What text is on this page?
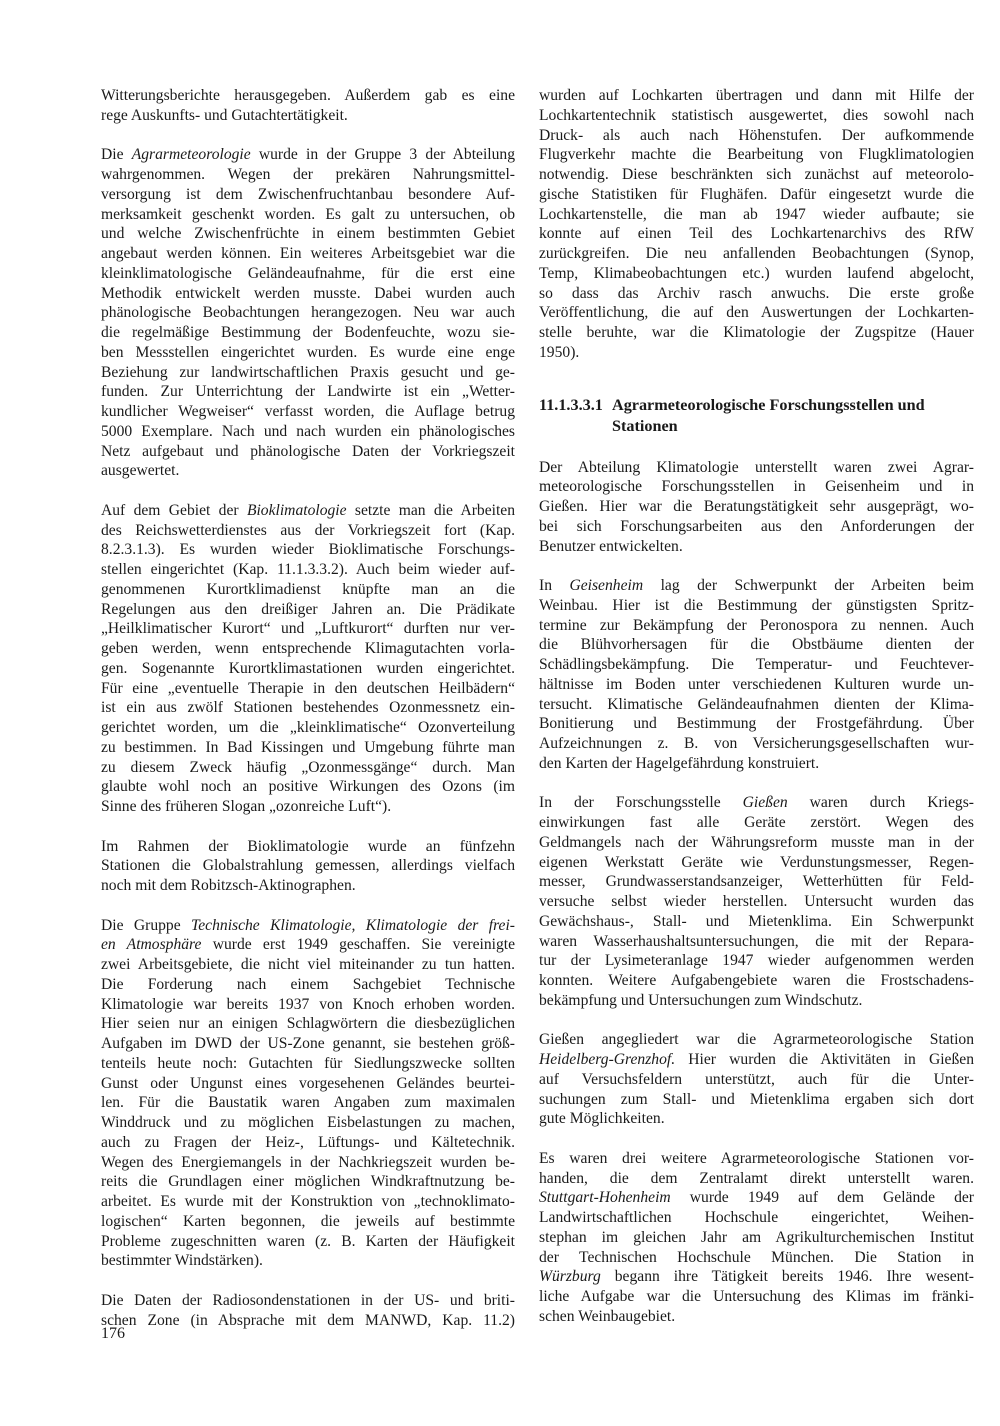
Witterungsberichte herausgegeben. Außerdem gab es eine
rege Auskunfts- und Gutachtertätigkeit.

Die Agrarmeteorologie wurde in der Gruppe 3 der Abteilung
wahrgenommen. Wegen der prekären Nahrungsmittel-
versorgung ist dem Zwischenfruchtanbau besondere Auf-
merksamkeit geschenkt worden. Es galt zu untersuchen, ob
und welche Zwischenfrüchte in einem bestimmten Gebiet
angebaut werden können. Ein weiteres Arbeitsgebiet war die
kleinklimatologische Geländeaufnahme, für die erst eine
Methodik entwickelt werden musste. Dabei wurden auch
phänologische Beobachtungen herangezogen. Neu war auch
die regelmäßige Bestimmung der Bodenfeuchte, wozu sie-
ben Messstellen eingerichtet wurden. Es wurde eine enge
Beziehung zur landwirtschaftlichen Praxis gesucht und ge-
funden. Zur Unterrichtung der Landwirte ist ein „Wetter-
kundlicher Wegweiser“ verfasst worden, die Auflage betrug
5000 Exemplare. Nach und nach wurden ein phänologisches
Netz aufgebaut und phänologische Daten der Vorkriegszeit
ausgewertet.

Auf dem Gebiet der Bioklimatologie setzte man die Arbeiten
des Reichswetterdienstes aus der Vorkriegszeit fort (Kap.
8.2.3.1.3). Es wurden wieder Bioklimatische Forschungs-
stellen eingerichtet (Kap. 11.1.3.3.2). Auch beim wieder auf-
genommenen Kurortklimadienst knüpfte man an die
Regelungen aus den dreißiger Jahren an. Die Prädikate
„Heilklimatischer Kurort“ und „Luftkurort“ durften nur ver-
geben werden, wenn entsprechende Klimagutachten vorla-
gen. Sogenannte Kurortklimastationen wurden eingerichtet.
Für eine „eventuelle Therapie in den deutschen Heilbädern“
ist ein aus zwölf Stationen bestehendes Ozonmessnetz ein-
gerichtet worden, um die „kleinklimatische“ Ozonverteilung
zu bestimmen. In Bad Kissingen und Umgebung führte man
zu diesem Zweck häufig „Ozonmessgänge“ durch. Man
glaubte wohl noch an positive Wirkungen des Ozons (im
Sinne des früheren Slogan „ozonreiche Luft“).

Im Rahmen der Bioklimatologie wurde an fünfzehn
Stationen die Globalstrahlung gemessen, allerdings vielfach
noch mit dem Robitzsch-Aktinographen.

Die Gruppe Technische Klimatologie, Klimatologie der frei-
en Atmosphäre wurde erst 1949 geschaffen. Sie vereinigte
zwei Arbeitsgebiete, die nicht viel miteinander zu tun hatten.
Die Forderung nach einem Sachgebiet Technische
Klimatologie war bereits 1937 von Knoch erhoben worden.
Hier seien nur an einigen Schlagwörtern die diesbezüglichen
Aufgaben im DWD der US-Zone genannt, sie bestehen größ-
tenteils heute noch: Gutachten für Siedlungszwecke sollten
Gunst oder Ungunst eines vorgesehenen Geländes beurtei-
len. Für die Baustatik waren Angaben zum maximalen
Winddruck und zu möglichen Eisbelastungen zu machen,
auch zu Fragen der Heiz-, Lüftungs- und Kältetechnik.
Wegen des Energiemangels in der Nachkriegszeit wurden be-
reits die Grundlagen einer möglichen Windkraftnutzung be-
arbeitet. Es wurde mit der Konstruktion von „technoklimato-
logischen“ Karten begonnen, die jeweils auf bestimmte
Probleme zugeschnitten waren (z. B. Karten der Häufigkeit
bestimmter Windstärken).

Die Daten der Radiosondenstationen in der US- und briti-
schen Zone (in Absprache mit dem MANWD, Kap. 11.2)

wurden auf Lochkarten übertragen und dann mit Hilfe der
Lochkartentechnik statistisch ausgewertet, dies sowohl nach
Druck- als auch nach Höhenstufen. Der aufkommende
Flugverkehr machte die Bearbeitung von Flugklimatologien
notwendig. Diese beschränkten sich zunächst auf meteorolo-
gische Statistiken für Flughäfen. Dafür eingesetzt wurde die
Lochkartenstelle, die man ab 1947 wieder aufbaute; sie
konnte auf einen Teil des Lochkartenarchivs des RfW
zurückgreifen. Die neu anfallenden Beobachtungen (Synop,
Temp, Klimabeobachtungen etc.) wurden laufend abgelocht,
so dass das Archiv rasch anwuchs. Die erste große
Veröffentlichung, die auf den Auswertungen der Lochkarten-
stelle beruhte, war die Klimatologie der Zugspitze (Hauer
1950).

11.1.3.3.1 Agrarmeteorologische Forschungsstellen und
Stationen

Der Abteilung Klimatologie unterstellt waren zwei Agrar-
meteorologische Forschungsstellen in Geisenheim und in
Gießen. Hier war die Beratungstätigkeit sehr ausgeprägt, wo-
bei sich Forschungsarbeiten aus den Anforderungen der
Benutzer entwickelten.

In Geisenheim lag der Schwerpunkt der Arbeiten beim
Weinbau. Hier ist die Bestimmung der günstigsten Spritz-
termine zur Bekämpfung der Peronospora zu nennen. Auch
die Blühvorhersagen für die Obstbäume dienten der
Schädlingsbekämpfung. Die Temperatur- und Feuchtever-
hältnisse im Boden unter verschiedenen Kulturen wurde un-
tersucht. Klimatische Geländeaufnahmen dienten der Klima-
Bonitierung und Bestimmung der Frostgefährdung. Über
Aufzeichnungen z. B. von Versicherungsgesellschaften wur-
den Karten der Hagelgefährdung konstruiert.

In der Forschungsstelle Gießen waren durch Kriegs-
einwirkungen fast alle Geräte zerstört. Wegen des
Geldmangels nach der Währungsreform musste man in der
eigenen Werkstatt Geräte wie Verdunstungsmesser, Regen-
messer, Grundwasserstandsanzeiger, Wetterhütten für Feld-
versuche selbst wieder herstellen. Untersucht wurden das
Gewächshaus-, Stall- und Mietenklima. Ein Schwerpunkt
waren Wasserhaushaltsuntersuchungen, die mit der Repara-
tur der Lysimeteranlage 1947 wieder aufgenommen werden
konnten. Weitere Aufgabengebiete waren die Frostschadens-
bekämpfung und Untersuchungen zum Windschutz.

Gießen angegliedert war die Agrarmeteorologische Station
Heidelberg-Grenzhof. Hier wurden die Aktivitäten in Gießen
auf Versuchsfeldern unterstützt, auch für die Unter-
suchungen zum Stall- und Mietenklima ergaben sich dort
gute Möglichkeiten.

Es waren drei weitere Agrarmeteorologische Stationen vor-
handen, die dem Zentralamt direkt unterstellt waren.
Stuttgart-Hohenheim wurde 1949 auf dem Gelände der
Landwirtschaftlichen Hochschule eingerichtet, Weihen-
stephan im gleichen Jahr am Agrikulturchemischen Institut
der Technischen Hochschule München. Die Station in
Würzburg begann ihre Tätigkeit bereits 1946. Ihre wesent-
liche Aufgabe war die Untersuchung des Klimas im fränki-
schen Weinbaugebiet.

176
